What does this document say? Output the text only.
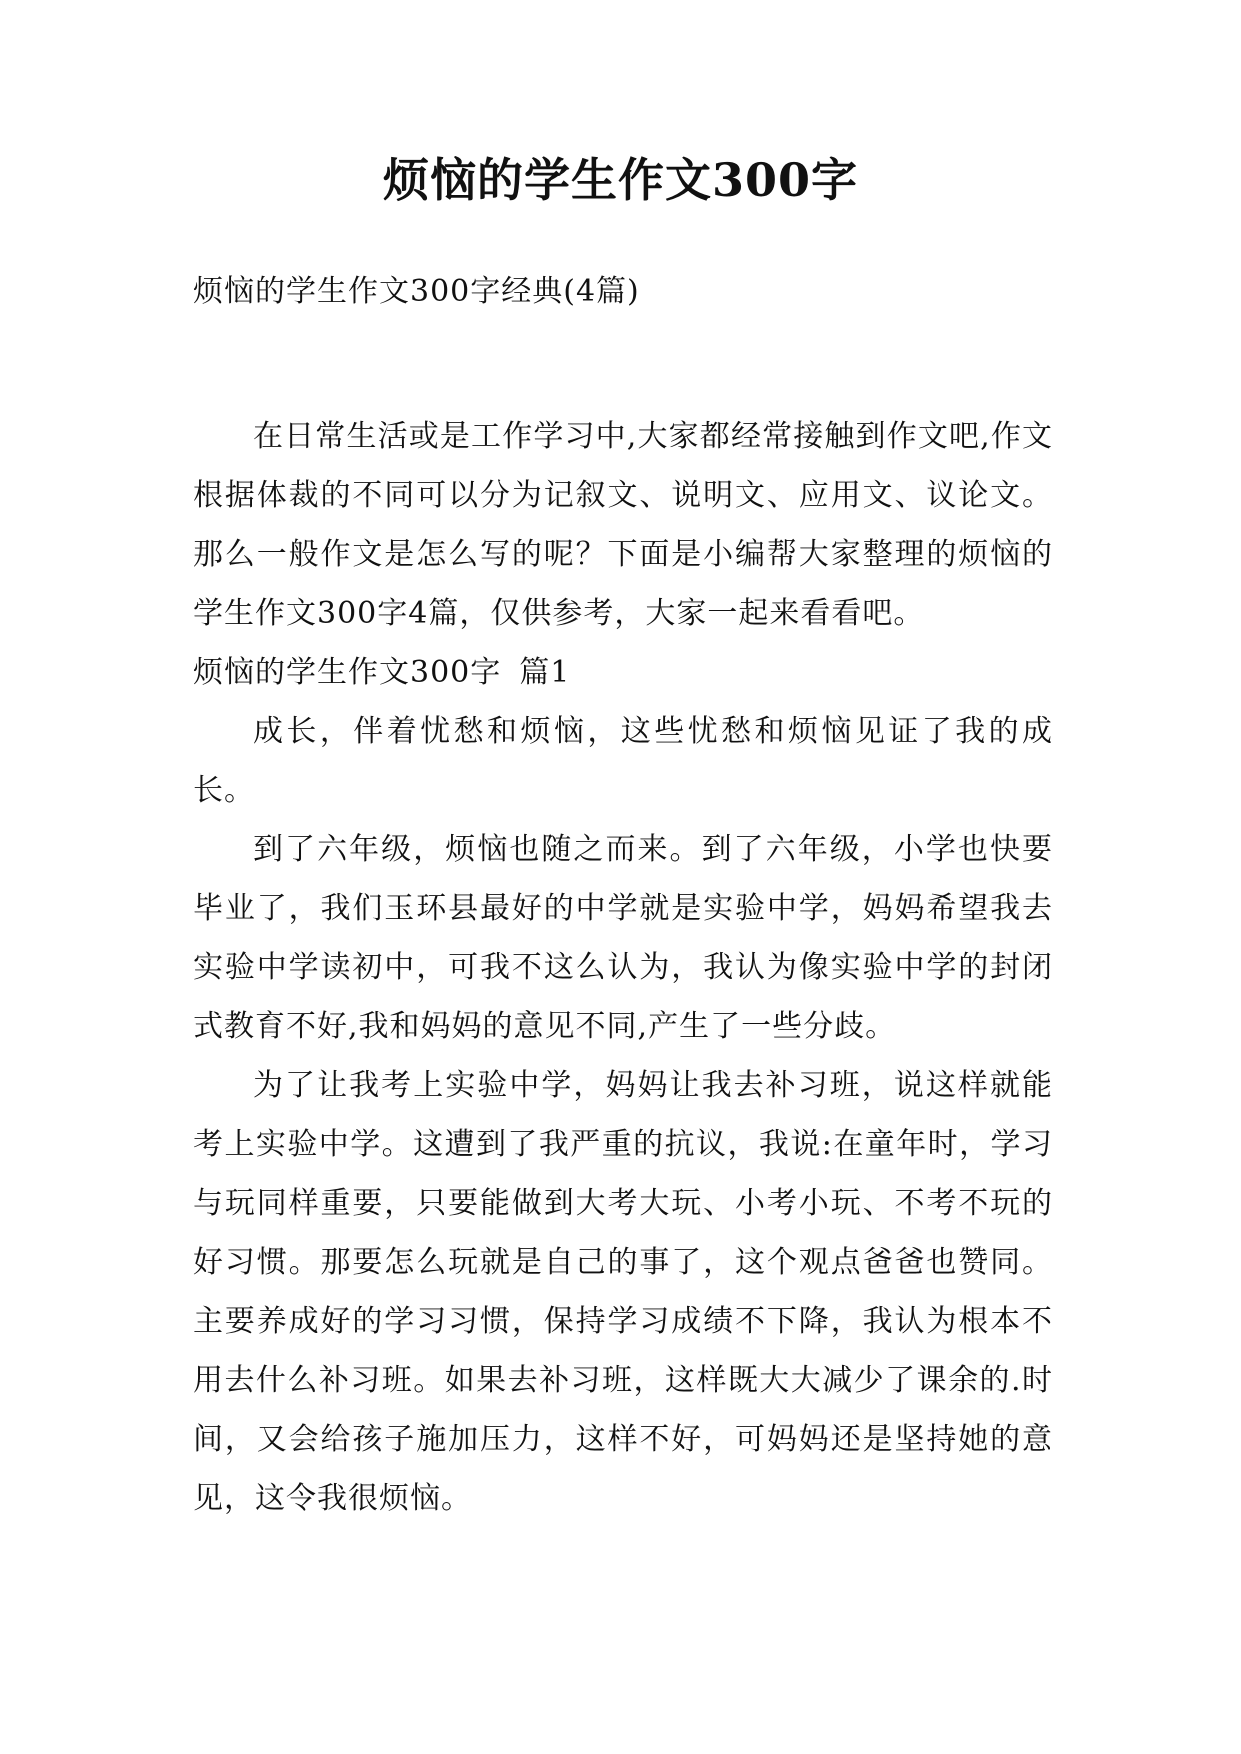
烦恼的学生作文300字

烦恼的学生作文300字经典(4篇)

在日常生活或是工作学习中,大家都经常接触到作文吧,作文根据体裁的不同可以分为记叙文、说明文、应用文、议论文。那么一般作文是怎么写的呢？下面是小编帮大家整理的烦恼的学生作文300字4篇，仅供参考，大家一起来看看吧。

烦恼的学生作文300字 篇1

成长，伴着忧愁和烦恼，这些忧愁和烦恼见证了我的成长。

到了六年级，烦恼也随之而来。到了六年级，小学也快要毕业了，我们玉环县最好的中学就是实验中学，妈妈希望我去实验中学读初中，可我不这么认为，我认为像实验中学的封闭式教育不好,我和妈妈的意见不同,产生了一些分歧。

为了让我考上实验中学，妈妈让我去补习班，说这样就能考上实验中学。这遭到了我严重的抗议，我说:在童年时，学习与玩同样重要，只要能做到大考大玩、小考小玩、不考不玩的好习惯。那要怎么玩就是自己的事了，这个观点爸爸也赞同。主要养成好的学习习惯，保持学习成绩不下降，我认为根本不用去什么补习班。如果去补习班，这样既大大减少了课余的.时间，又会给孩子施加压力，这样不好，可妈妈还是坚持她的意见，这令我很烦恼。
